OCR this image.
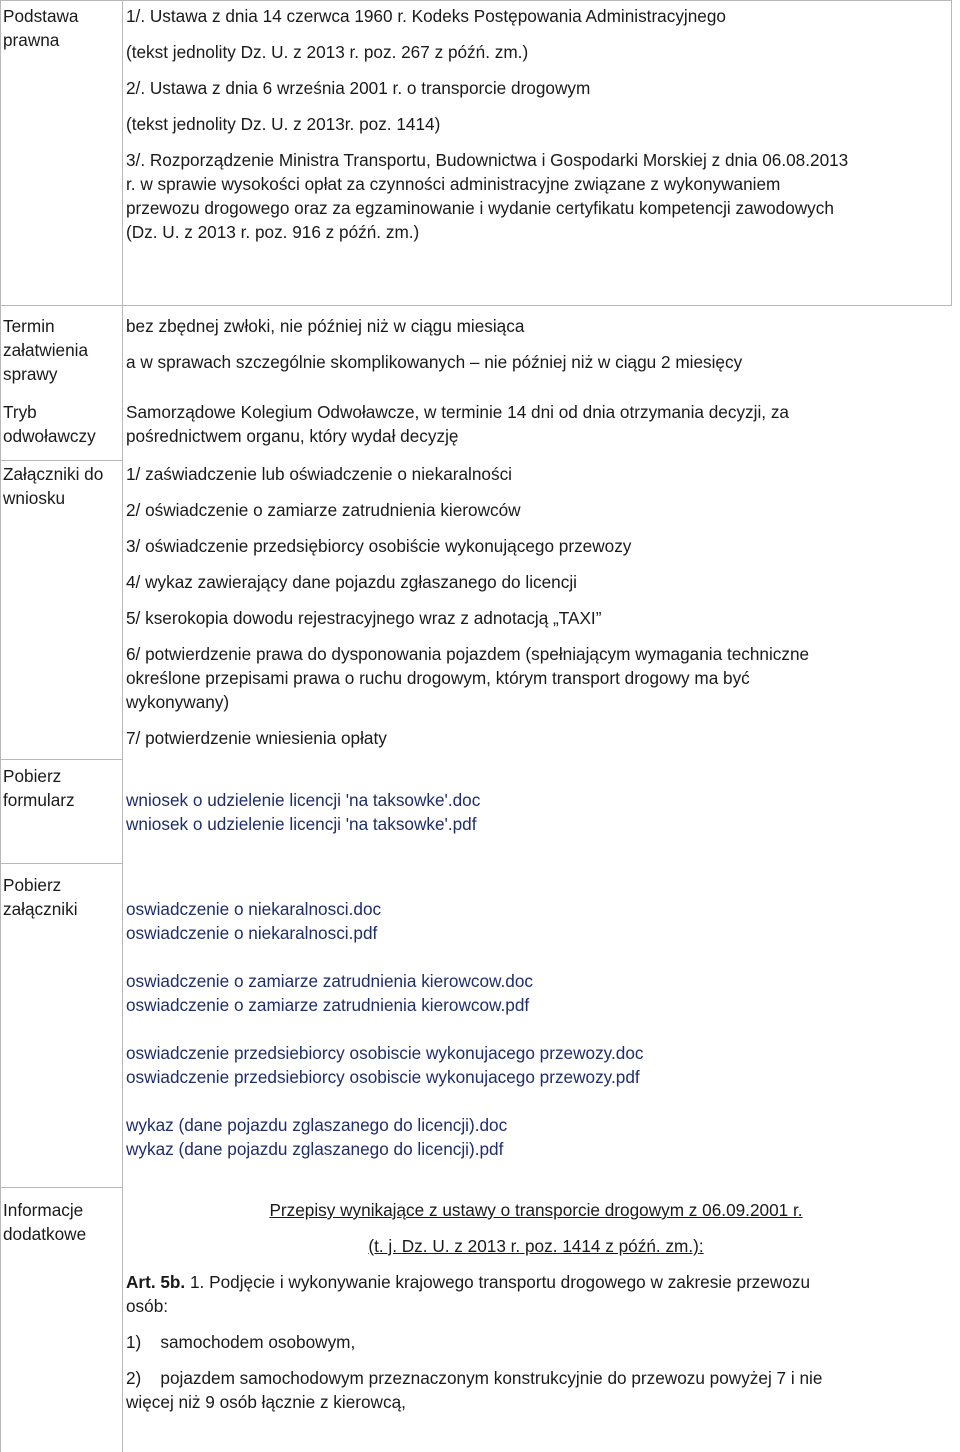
Podstawa
prawna
1/. Ustawa z dnia 14 czerwca 1960 r. Kodeks Postępowania Administracyjnego
(tekst jednolity Dz. U. z 2013 r. poz. 267 z późń. zm.)
2/. Ustawa z dnia 6 września 2001 r. o transporcie drogowym
(tekst jednolity Dz. U. z 2013r. poz. 1414)
3/. Rozporządzenie Ministra Transportu, Budownictwa i Gospodarki Morskiej z dnia 06.08.2013
r. w sprawie wysokości opłat za czynności administracyjne związane z wykonywaniem
przewozu drogowego oraz za egzaminowanie i wydanie certyfikatu kompetencji zawodowych
(Dz. U. z 2013 r. poz. 916 z późń. zm.)
Termin
załatwienia
sprawy
bez zbędnej zwłoki, nie później niż w ciągu miesiąca
a w sprawach szczególnie skomplikowanych – nie później niż w ciągu 2 miesięcy
Tryb
odwoławczy
Samorządowe Kolegium Odwoławcze, w terminie 14 dni od dnia otrzymania decyzji, za
pośrednictwem organu, który wydał decyzję
Załączniki do
wniosku
1/ zaświadczenie lub oświadczenie o niekaralności
2/ oświadczenie o zamiarze zatrudnienia kierowców
3/ oświadczenie przedsiębiorcy osobiście wykonującego przewozy
4/ wykaz zawierający dane pojazdu zgłaszanego do licencji
5/ kserokopia dowodu rejestracyjnego wraz z adnotacją „TAXI”
6/ potwierdzenie prawa do dysponowania pojazdem (spełniającym wymagania techniczne
określone przepisami prawa o ruchu drogowym, którym transport drogowy ma być
wykonywany)
7/ potwierdzenie wniesienia opłaty
Pobierz
formularz	wniosek o udzielenie licencji 'na taksowke'.doc
wniosek o udzielenie licencji 'na taksowke'.pdf
Pobierz
załączniki	oswiadczenie o niekaralnosci.doc
oswiadczenie o niekaralnosci.pdf
oswiadczenie o zamiarze zatrudnienia kierowcow.doc
oswiadczenie o zamiarze zatrudnienia kierowcow.pdf
oswiadczenie przedsiebiorcy osobiscie wykonujacego przewozy.doc
oswiadczenie przedsiebiorcy osobiscie wykonujacego przewozy.pdf
wykaz (dane pojazdu zglaszanego do licencji).doc
wykaz (dane pojazdu zglaszanego do licencji).pdf
Informacje
dodatkowe
Przepisy wynikające z ustawy o transporcie drogowym z 06.09.2001 r.
(t. j. Dz. U. z 2013 r. poz. 1414 z późń. zm.):
Art. 5b. 1. Podjęcie i wykonywanie krajowego transportu drogowego w zakresie przewozu
osób:
1)    samochodem osobowym,
2)    pojazdem samochodowym przeznaczonym konstrukcyjnie do przewozu powyżej 7 i nie
więcej niż 9 osób łącznie z kierowcą,
